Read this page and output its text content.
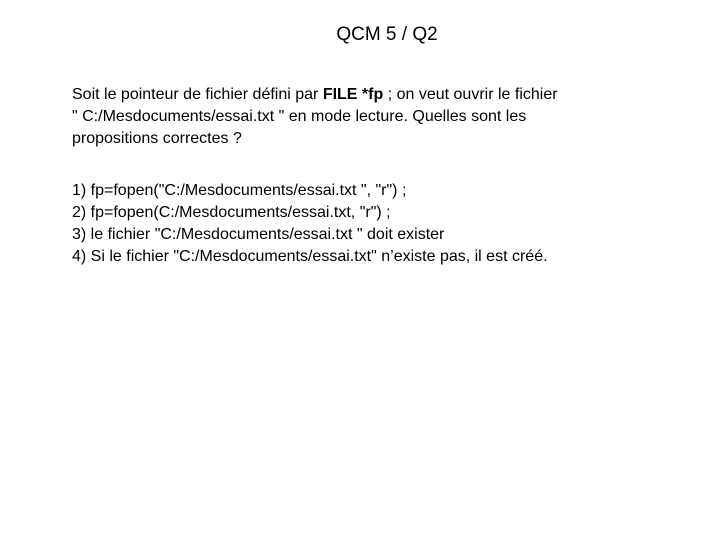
QCM 5 / Q2

Soit le pointeur de fichier défini par FILE *fp ; on veut ouvrir le fichier

" C:/Mesdocuments/essai.txt " en mode lecture. Quelles sont les

propositions correctes ?

1) fp=fopen("C:/Mesdocuments/essai.txt ", "r") ;

2) fp=fopen(C:/Mesdocuments/essai.txt, "r") ;

3) le fichier "C:/Mesdocuments/essai.txt " doit exister

4) Si le fichier "C:/Mesdocuments/essai.txt" n’existe pas, il est créé.
